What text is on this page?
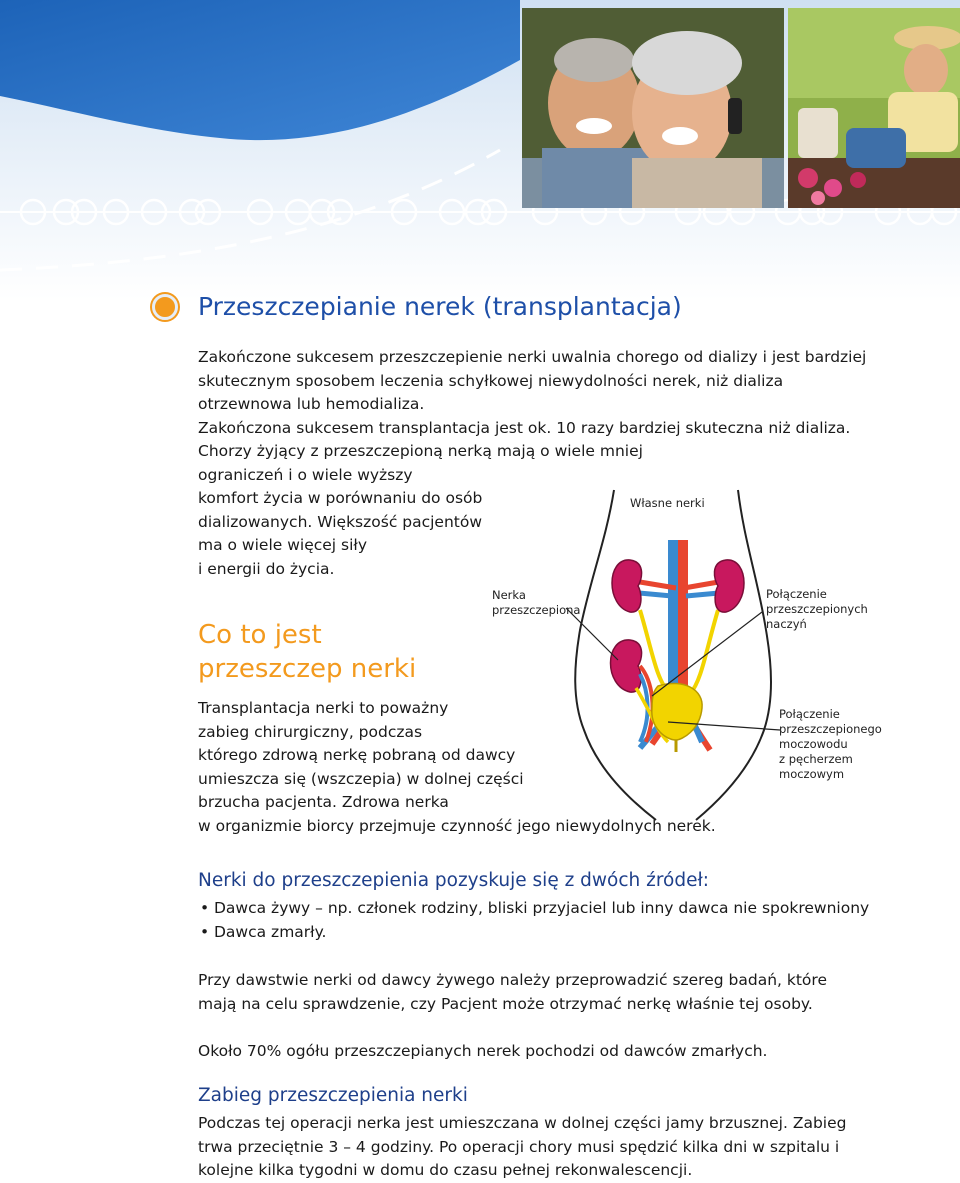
Przeszczepianie nerek (transplantacja)
Zakończone sukcesem przeszczepienie nerki uwalnia chorego od dializy i jest bardziej
skutecznym sposobem leczenia schyłkowej niewydolności nerek, niż dializa
otrzewnowa lub hemodializa.
Zakończona sukcesem transplantacja jest ok. 10 razy bardziej skuteczna niż dializa.
Chorzy żyjący z przeszczepioną nerką mają o wiele mniej
ograniczeń i o wiele wyższy
komfort życia w porównaniu do osób
dializowanych. Większość pacjentów
ma o wiele więcej siły
i energii do życia.
Co to jest
przeszczep nerki
Transplantacja nerki to poważny
zabieg chirurgiczny, podczas
którego zdrową nerkę pobraną od dawcy
umieszcza się (wszczepia) w dolnej części
brzucha pacjenta. Zdrowa nerka
w organizmie biorcy przejmuje czynność jego niewydolnych nerek.
Własne nerki
Nerka
przeszczepiona
Połączenie
przeszczepionych
naczyń
Połączenie
przeszczepionego
moczowodu
z pęcherzem
moczowym
Nerki do przeszczepienia pozyskuje się z dwóch źródeł:
• Dawca żywy – np. członek rodziny, bliski przyjaciel lub inny dawca nie spokrewniony
• Dawca zmarły.
Przy dawstwie nerki od dawcy żywego należy przeprowadzić szereg badań, które
mają na celu sprawdzenie, czy Pacjent może otrzymać nerkę właśnie tej osoby.
Około 70% ogółu przeszczepianych nerek pochodzi od dawców zmarłych.
Zabieg przeszczepienia nerki
Podczas tej operacji nerka jest umieszczana w dolnej części jamy brzusznej. Zabieg
trwa przeciętnie 3 – 4 godziny. Po operacji chory musi spędzić kilka dni w szpitalu i
kolejne kilka tygodni w domu do czasu pełnej rekonwalescencji.
